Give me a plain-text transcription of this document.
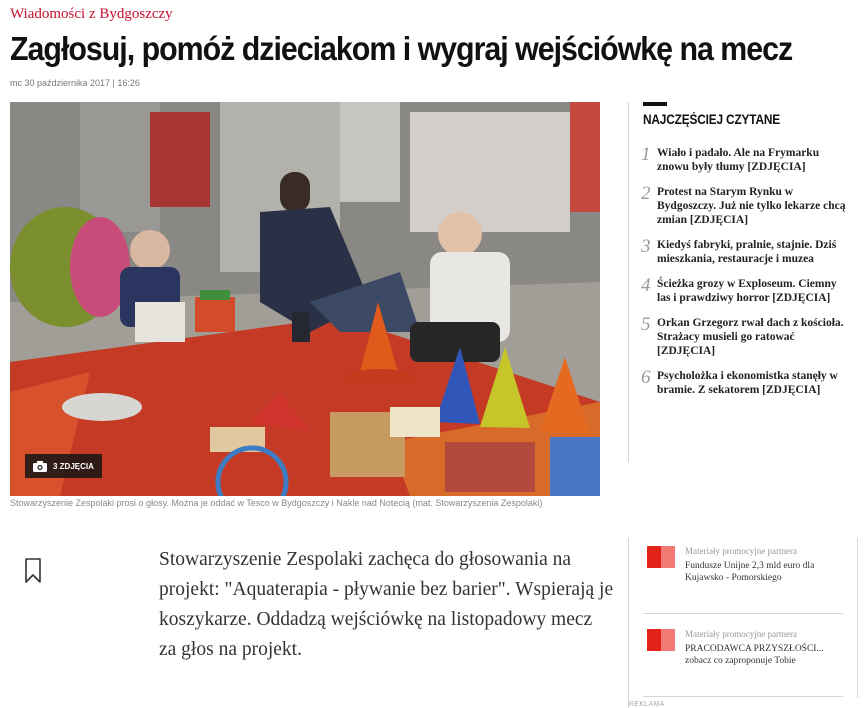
Wiadomości z Bydgoszczy
Zagłosuj, pomóż dzieciakom i wygraj wejściówkę na mecz
mc 30 października 2017 | 16:26
3 ZDJĘCIA
Stowarzyszenie Zespolaki prosi o głosy. Można je oddać w Tesco w Bydgoszczy i Nakle nad Notecią (mat. Stowarzyszenia Zespolaki)
NAJCZĘŚCIEJ CZYTANE
1 Wiało i padało. Ale na Frymarku znowu były tłumy [ZDJĘCIA]
2 Protest na Starym Rynku w Bydgoszczy. Już nie tylko lekarze chcą zmian [ZDJĘCIA]
3 Kiedyś fabryki, pralnie, stajnie. Dziś mieszkania, restauracje i muzea
4 Ścieżka grozy w Exploseum. Ciemny las i prawdziwy horror [ZDJĘCIA]
5 Orkan Grzegorz rwał dach z kościoła. Strażacy musieli go ratować [ZDJĘCIA]
6 Psycholożka i ekonomistka stanęły w bramie. Z sekatorem [ZDJĘCIA]

Stowarzyszenie Zespolaki zachęca do głosowania na projekt: "Aquaterapia - pływanie bez barier". Wspierają je koszykarze. Oddadzą wejściówkę na listopadowy mecz za głos na projekt.

Materiały promocyjne partnera
Fundusze Unijne 2,3 mld euro dla Kujawsko - Pomorskiego
Materiały promocyjne partnera
PRACODAWCA PRZYSZŁOŚCI... zobacz co zaproponuje Tobie
REKLAMA
